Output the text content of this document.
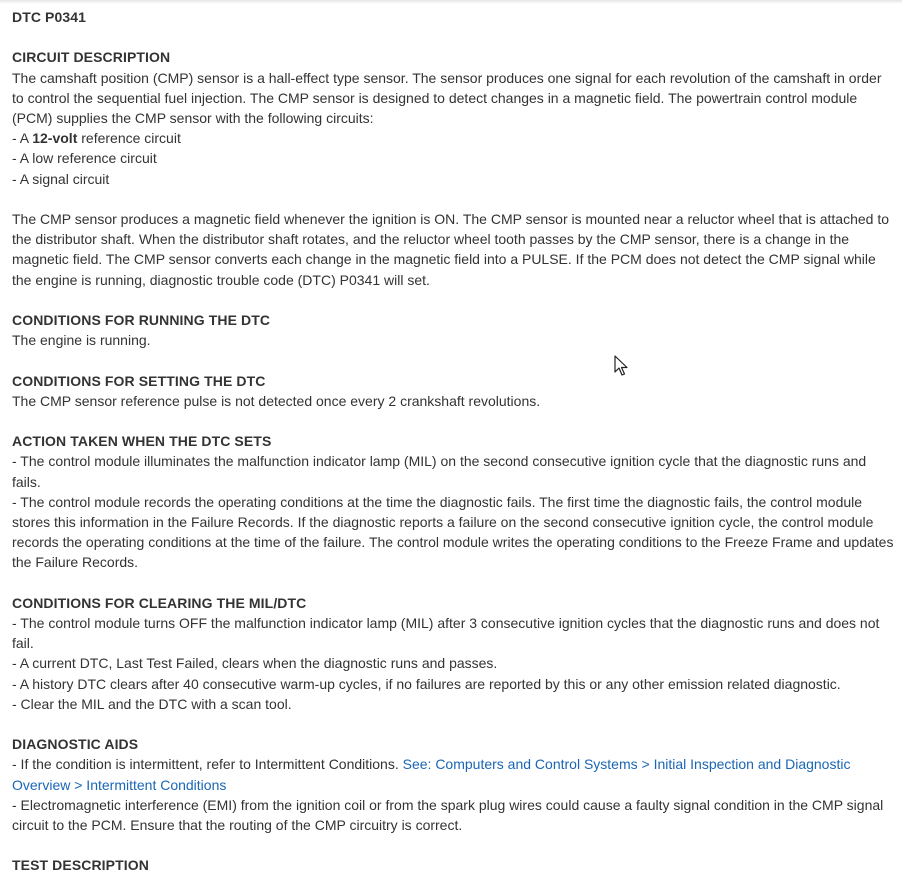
DTC P0341
CIRCUIT DESCRIPTION
The camshaft position (CMP) sensor is a hall-effect type sensor. The sensor produces one signal for each revolution of the camshaft in order to control the sequential fuel injection. The CMP sensor is designed to detect changes in a magnetic field. The powertrain control module (PCM) supplies the CMP sensor with the following circuits:
- A 12-volt reference circuit
- A low reference circuit
- A signal circuit
The CMP sensor produces a magnetic field whenever the ignition is ON. The CMP sensor is mounted near a reluctor wheel that is attached to the distributor shaft. When the distributor shaft rotates, and the reluctor wheel tooth passes by the CMP sensor, there is a change in the magnetic field. The CMP sensor converts each change in the magnetic field into a PULSE. If the PCM does not detect the CMP signal while the engine is running, diagnostic trouble code (DTC) P0341 will set.
CONDITIONS FOR RUNNING THE DTC
The engine is running.
CONDITIONS FOR SETTING THE DTC
The CMP sensor reference pulse is not detected once every 2 crankshaft revolutions.
ACTION TAKEN WHEN THE DTC SETS
- The control module illuminates the malfunction indicator lamp (MIL) on the second consecutive ignition cycle that the diagnostic runs and fails.
- The control module records the operating conditions at the time the diagnostic fails. The first time the diagnostic fails, the control module stores this information in the Failure Records. If the diagnostic reports a failure on the second consecutive ignition cycle, the control module records the operating conditions at the time of the failure. The control module writes the operating conditions to the Freeze Frame and updates the Failure Records.
CONDITIONS FOR CLEARING THE MIL/DTC
- The control module turns OFF the malfunction indicator lamp (MIL) after 3 consecutive ignition cycles that the diagnostic runs and does not fail.
- A current DTC, Last Test Failed, clears when the diagnostic runs and passes.
- A history DTC clears after 40 consecutive warm-up cycles, if no failures are reported by this or any other emission related diagnostic.
- Clear the MIL and the DTC with a scan tool.
DIAGNOSTIC AIDS
- If the condition is intermittent, refer to Intermittent Conditions. See: Computers and Control Systems > Initial Inspection and Diagnostic Overview > Intermittent Conditions
- Electromagnetic interference (EMI) from the ignition coil or from the spark plug wires could cause a faulty signal condition in the CMP signal circuit to the PCM. Ensure that the routing of the CMP circuitry is correct.
TEST DESCRIPTION
